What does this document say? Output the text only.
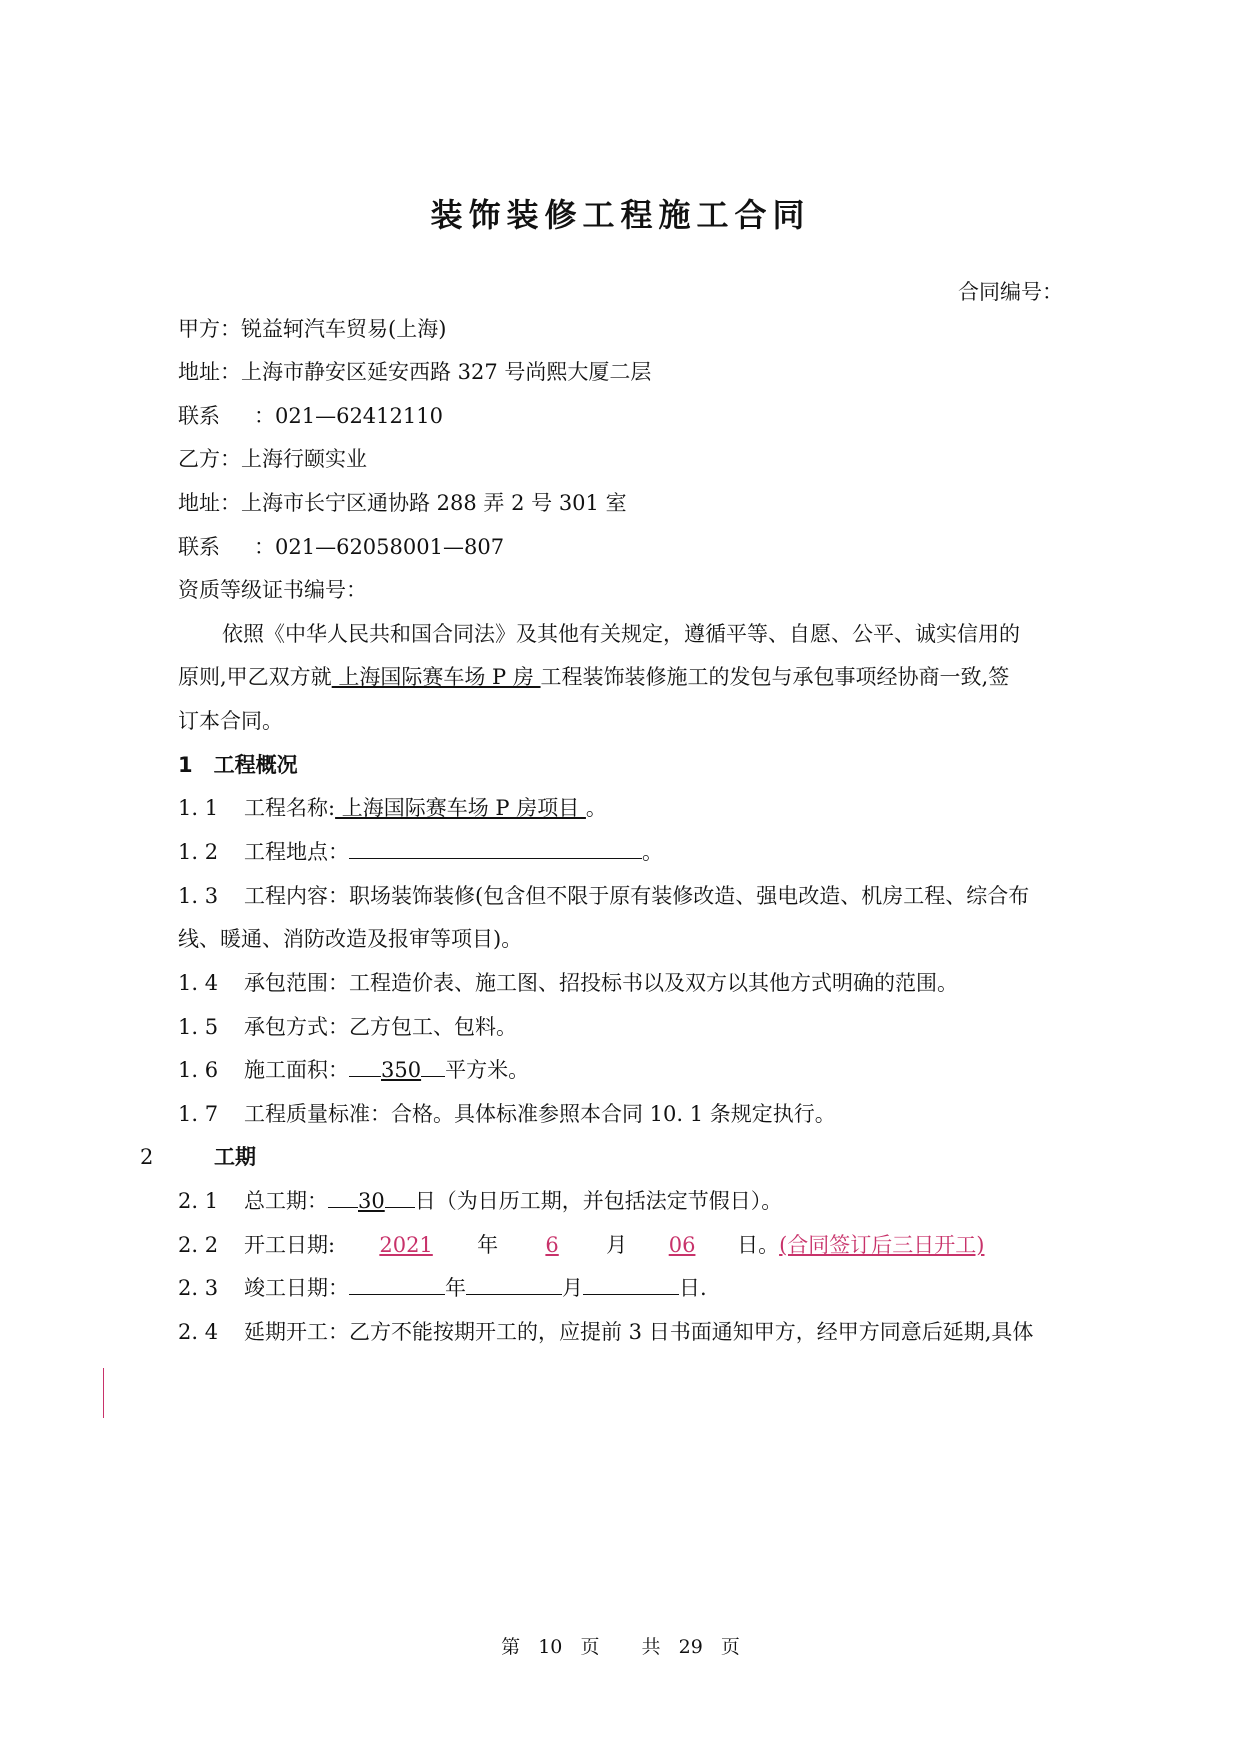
装饰装修工程施工合同
合同编号：
甲方：锐益轲汽车贸易(上海)
地址：上海市静安区延安西路 327 号尚熙大厦二层
联系 ：021—62412110
乙方：上海行颐实业
地址：上海市长宁区通协路 288 弄 2 号 301 室
联系 ：021—62058001—807
资质等级证书编号：
依照《中华人民共和国合同法》及其他有关规定，遵循平等、自愿、公平、诚实信用的
原则,甲乙双方就 上海国际赛车场 P 房 工程装饰装修施工的发包与承包事项经协商一致,签
订本合同。
1　工程概况
1. 1 工程名称: 上海国际赛车场 P 房项目 。
1. 2 工程地点：	。
1. 3 工程内容：职场装饰装修(包含但不限于原有装修改造、强电改造、机房工程、综合布
线、暖通、消防改造及报审等项目)。
1. 4 承包范围：工程造价表、施工图、招投标书以及双方以其他方式明确的范围。
1. 5 承包方式：乙方包工、包料。
1. 6 施工面积： 350 平方米。
1. 7 工程质量标准：合格。具体标准参照本合同 10. 1 条规定执行。
2	工期
2. 1 总工期： 30 日（为日历工期，并包括法定节假日）。
2. 2 开工日期: 2021 年 6 月 06 日。(合同签订后三日开工)
2. 3 竣工日期：	年	月	日.
2. 4 延期开工：乙方不能按期开工的，应提前 3 日书面通知甲方，经甲方同意后延期,具体
第 10 页 共 29 页
